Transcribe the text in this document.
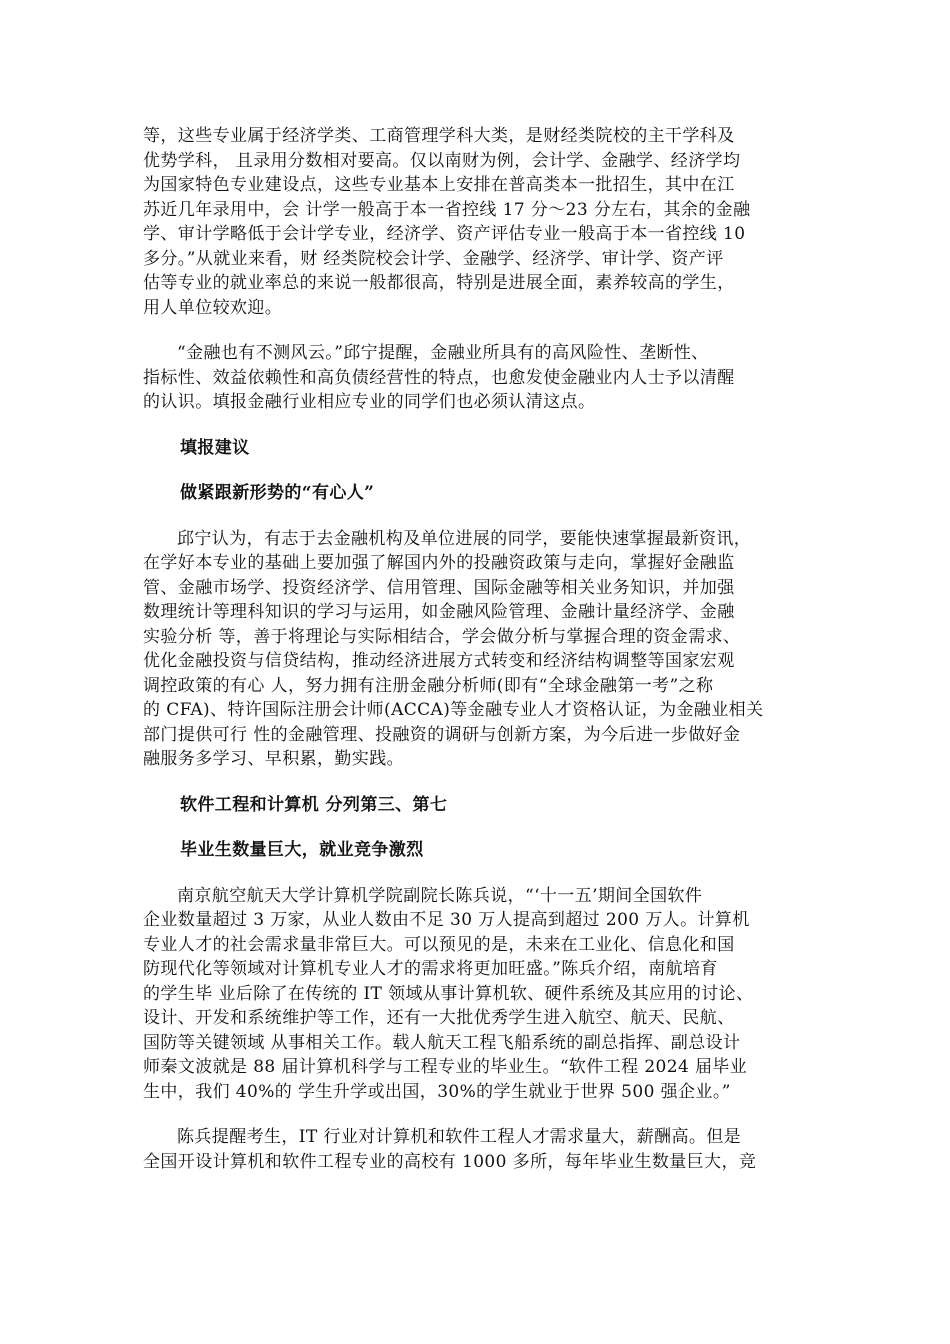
等，这些专业属于经济学类、工商管理学科大类，是财经类院校的主干学科及
优势学科， 且录用分数相对要高。仅以南财为例，会计学、金融学、经济学均
为国家特色专业建设点，这些专业基本上安排在普高类本一批招生，其中在江
苏近几年录用中，会 计学一般高于本一省控线 17 分～23 分左右，其余的金融
学、审计学略低于会计学专业，经济学、资产评估专业一般高于本一省控线 10
多分。”从就业来看，财 经类院校会计学、金融学、经济学、审计学、资产评
估等专业的就业率总的来说一般都很高，特别是进展全面，素养较高的学生，
用人单位较欢迎。
“金融也有不测风云。”邱宁提醒，金融业所具有的高风险性、垄断性、
指标性、效益依赖性和高负债经营性的特点，也愈发使金融业内人士予以清醒
的认识。填报金融行业相应专业的同学们也必须认清这点。
填报建议
做紧跟新形势的“有心人”
邱宁认为，有志于去金融机构及单位进展的同学，要能快速掌握最新资讯，
在学好本专业的基础上要加强了解国内外的投融资政策与走向，掌握好金融监
管、金融市场学、投资经济学、信用管理、国际金融等相关业务知识，并加强
数理统计等理科知识的学习与运用，如金融风险管理、金融计量经济学、金融
实验分析 等，善于将理论与实际相结合，学会做分析与掌握合理的资金需求、
优化金融投资与信贷结构，推动经济进展方式转变和经济结构调整等国家宏观
调控政策的有心 人，努力拥有注册金融分析师(即有“全球金融第一考”之称
的 CFA)、特许国际注册会计师(ACCA)等金融专业人才资格认证，为金融业相关
部门提供可行 性的金融管理、投融资的调研与创新方案，为今后进一步做好金
融服务多学习、早积累，勤实践。
软件工程和计算机 分列第三、第七
毕业生数量巨大，就业竞争激烈
南京航空航天大学计算机学院副院长陈兵说，“‘十一五’期间全国软件
企业数量超过 3 万家，从业人数由不足 30 万人提高到超过 200 万人。计算机
专业人才的社会需求量非常巨大。可以预见的是，未来在工业化、信息化和国
防现代化等领域对计算机专业人才的需求将更加旺盛。”陈兵介绍，南航培育
的学生毕 业后除了在传统的 IT 领域从事计算机软、硬件系统及其应用的讨论、
设计、开发和系统维护等工作，还有一大批优秀学生进入航空、航天、民航、
国防等关键领域 从事相关工作。载人航天工程飞船系统的副总指挥、副总设计
师秦文波就是 88 届计算机科学与工程专业的毕业生。“软件工程 2024 届毕业
生中，我们 40%的 学生升学或出国，30%的学生就业于世界 500 强企业。”
陈兵提醒考生，IT 行业对计算机和软件工程人才需求量大，薪酬高。但是
全国开设计算机和软件工程专业的高校有 1000 多所，每年毕业生数量巨大，竞
